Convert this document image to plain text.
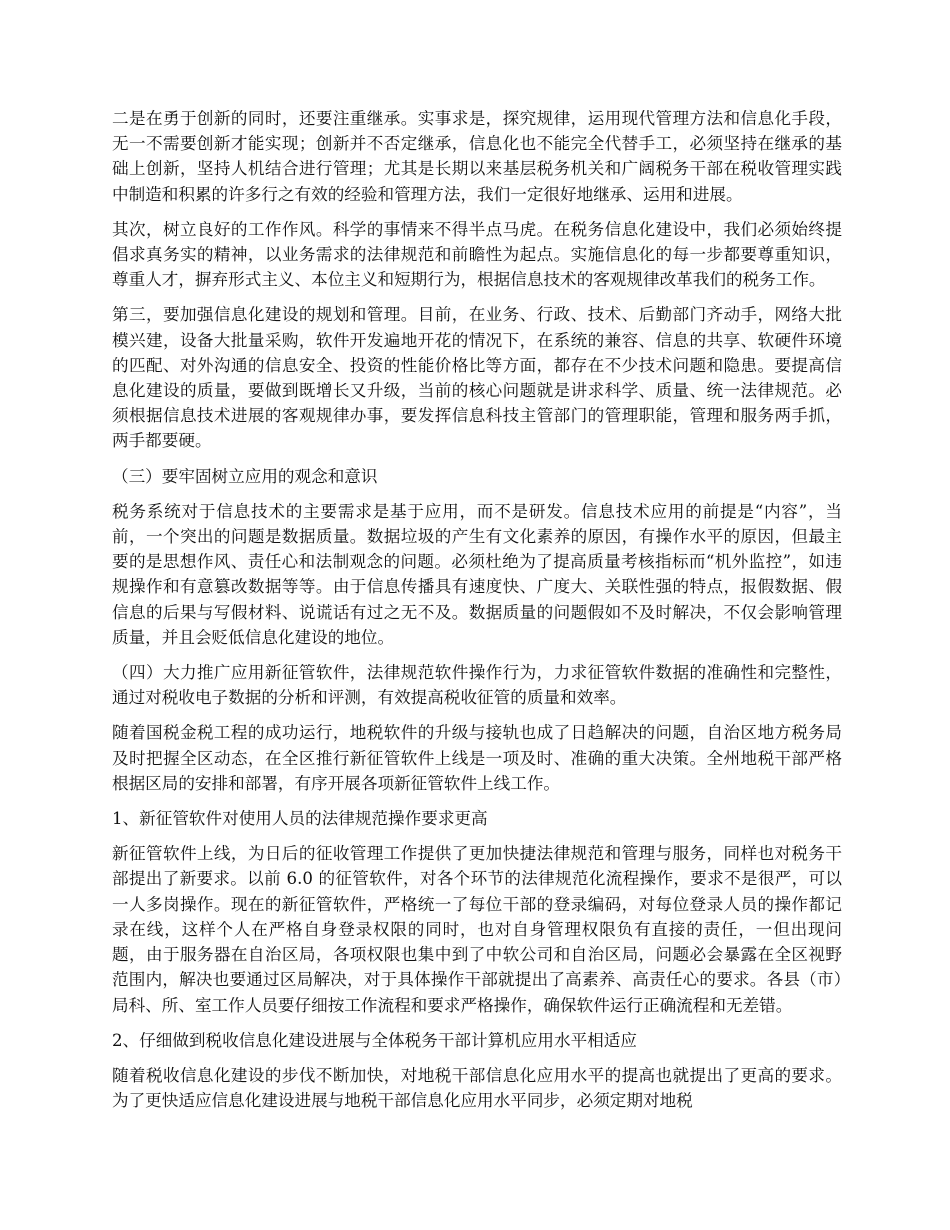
二是在勇于创新的同时，还要注重继承。实事求是，探究规律，运用现代管理方法和信息化手段，无一不需要创新才能实现；创新并不否定继承，信息化也不能完全代替手工，必须坚持在继承的基础上创新，坚持人机结合进行管理；尤其是长期以来基层税务机关和广阔税务干部在税收管理实践中制造和积累的许多行之有效的经验和管理方法，我们一定很好地继承、运用和进展。

其次，树立良好的工作作风。科学的事情来不得半点马虎。在税务信息化建设中，我们必须始终提倡求真务实的精神，以业务需求的法律规范和前瞻性为起点。实施信息化的每一步都要尊重知识，尊重人才，摒弃形式主义、本位主义和短期行为，根据信息技术的客观规律改革我们的税务工作。

第三，要加强信息化建设的规划和管理。目前，在业务、行政、技术、后勤部门齐动手，网络大批模兴建，设备大批量采购，软件开发遍地开花的情况下，在系统的兼容、信息的共享、软硬件环境的匹配、对外沟通的信息安全、投资的性能价格比等方面，都存在不少技术问题和隐患。要提高信息化建设的质量，要做到既增长又升级，当前的核心问题就是讲求科学、质量、统一法律规范。必须根据信息技术进展的客观规律办事，要发挥信息科技主管部门的管理职能，管理和服务两手抓，两手都要硬。

（三）要牢固树立应用的观念和意识

税务系统对于信息技术的主要需求是基于应用，而不是研发。信息技术应用的前提是“内容”，当前，一个突出的问题是数据质量。数据垃圾的产生有文化素养的原因，有操作水平的原因，但最主要的是思想作风、责任心和法制观念的问题。必须杜绝为了提高质量考核指标而“机外监控”，如违规操作和有意篡改数据等等。由于信息传播具有速度快、广度大、关联性强的特点，报假数据、假信息的后果与写假材料、说谎话有过之无不及。数据质量的问题假如不及时解决，不仅会影响管理质量，并且会贬低信息化建设的地位。

（四）大力推广应用新征管软件，法律规范软件操作行为，力求征管软件数据的准确性和完整性，通过对税收电子数据的分析和评测，有效提高税收征管的质量和效率。

随着国税金税工程的成功运行，地税软件的升级与接轨也成了日趋解决的问题，自治区地方税务局及时把握全区动态，在全区推行新征管软件上线是一项及时、准确的重大决策。全州地税干部严格根据区局的安排和部署，有序开展各项新征管软件上线工作。

1、新征管软件对使用人员的法律规范操作要求更高

新征管软件上线，为日后的征收管理工作提供了更加快捷法律规范和管理与服务，同样也对税务干部提出了新要求。以前 6.0 的征管软件，对各个环节的法律规范化流程操作，要求不是很严，可以一人多岗操作。现在的新征管软件，严格统一了每位干部的登录编码，对每位登录人员的操作都记录在线，这样个人在严格自身登录权限的同时，也对自身管理权限负有直接的责任，一但出现问题，由于服务器在自治区局，各项权限也集中到了中软公司和自治区局，问题必会暴露在全区视野范围内，解决也要通过区局解决，对于具体操作干部就提出了高素养、高责任心的要求。各县（市）局科、所、室工作人员要仔细按工作流程和要求严格操作，确保软件运行正确流程和无差错。

2、仔细做到税收信息化建设进展与全体税务干部计算机应用水平相适应

随着税收信息化建设的步伐不断加快，对地税干部信息化应用水平的提高也就提出了更高的要求。为了更快适应信息化建设进展与地税干部信息化应用水平同步，必须定期对地税
